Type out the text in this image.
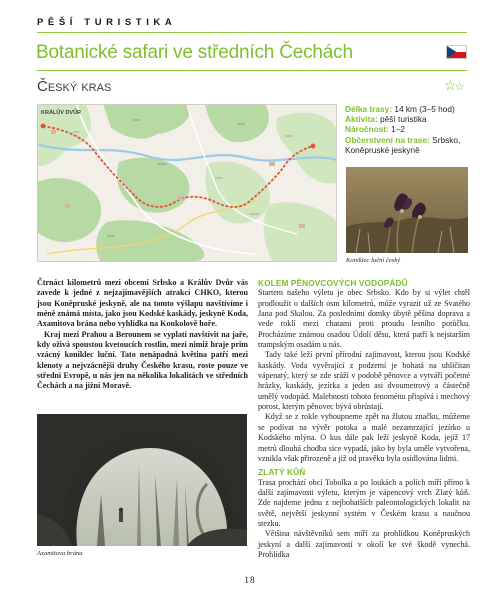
PĚŠÍ TURISTIKA
Botanické safari ve středních Čechách
Český kras	☆☆
KRÁLŮV DVŮR	Délka trasy: 14 km (3–5 hod)
Aktivita: pěší turistika
Náročnost: 1–2
Občerstvení na trase: Srbsko, Koněpruské jeskyně
Koniklec luční český

Čtrnáct kilometrů mezi obcemi Srbsko a Králův Dvůr vás zavede k jedné z nejzajímavějších atrakcí CHKO, kterou jsou Koněpruské jeskyně, ale na tomto výšlapu navštívíme i méně známá místa, jako jsou Kodské kaskády, jeskyně Koda, Axamitova brána nebo vyhlídka na Koukolově hoře.

Kraj mezi Prahou a Berounem se vyplatí navštívit na jaře, kdy oživá spoustou kvetoucích rostlin, mezi nimiž hraje prim vzácný koniklec luční. Tato nenápadná květina patří mezi klenoty a nejvzácnější druhy Českého krasu, roste pouze ve střední Evropě, u nás jen na několika lokalitách ve středních Čechách a na jižní Moravě.

Axamitova brána
KOLEM PĚNOVCOVÝCH VODOPÁDŮ

Startem našeho výletu je obec Srbsko. Kdo by si výlet chtěl prodloužit o dalších osm kilometrů, může vyrazit už ze Svatého Jana pod Skalou. Za posledními domky úbytě pěšina doprava a vede roklí mezi chatami proti proudu lesního potůčku. Procházíme známou osadou Údolí děsu, která patří k nejstarším trampským osadám u nás.

Tady také leží první přírodní zajímavost, kterou jsou Kodské kaskády. Voda vyvěrající z podzemí je bohatá na uhličitan vápenatý, který se zde sráží v podobě pěnovce a vytváří početné hrázky, kaskády, jezírka a jeden asi dvoumetrový a částečně umělý vodopád. Malebnosti tohoto fenoménu přispívá i mechový porost, kterým pěnovec bývá obrůstají.

Když se z rokle vyhoupneme zpět na žlutou značku, můžeme se podívat na vývěr potoka a malé nezamrzající jezírko u Kodského mlýna. O kus dále pak leží jeskyně Koda, jejíž 17 metrů dlouhá chodba sice vypadá, jako by byla uměle vytvořena, vznikla však přirozeně a již od pravěku byla osídlována lidmi.

ZLATÝ KŮŇ

Trasa prochází obcí Tobolka a po loukách a polích míří přímo k další zajímavosti výletu, kterým je vápencový vrch Zlatý kůň. Zde najdeme jednu z nejbohatších paleontologických lokalit na světě, největší jeskynní systém v Českém krasu a naučnou stezku.

Většina návštěvníků sem míří za prohlídkou Koněpruských jeskyní a další zajímavostí v okolí ke své škodě vynechá. Prohlídka

18
